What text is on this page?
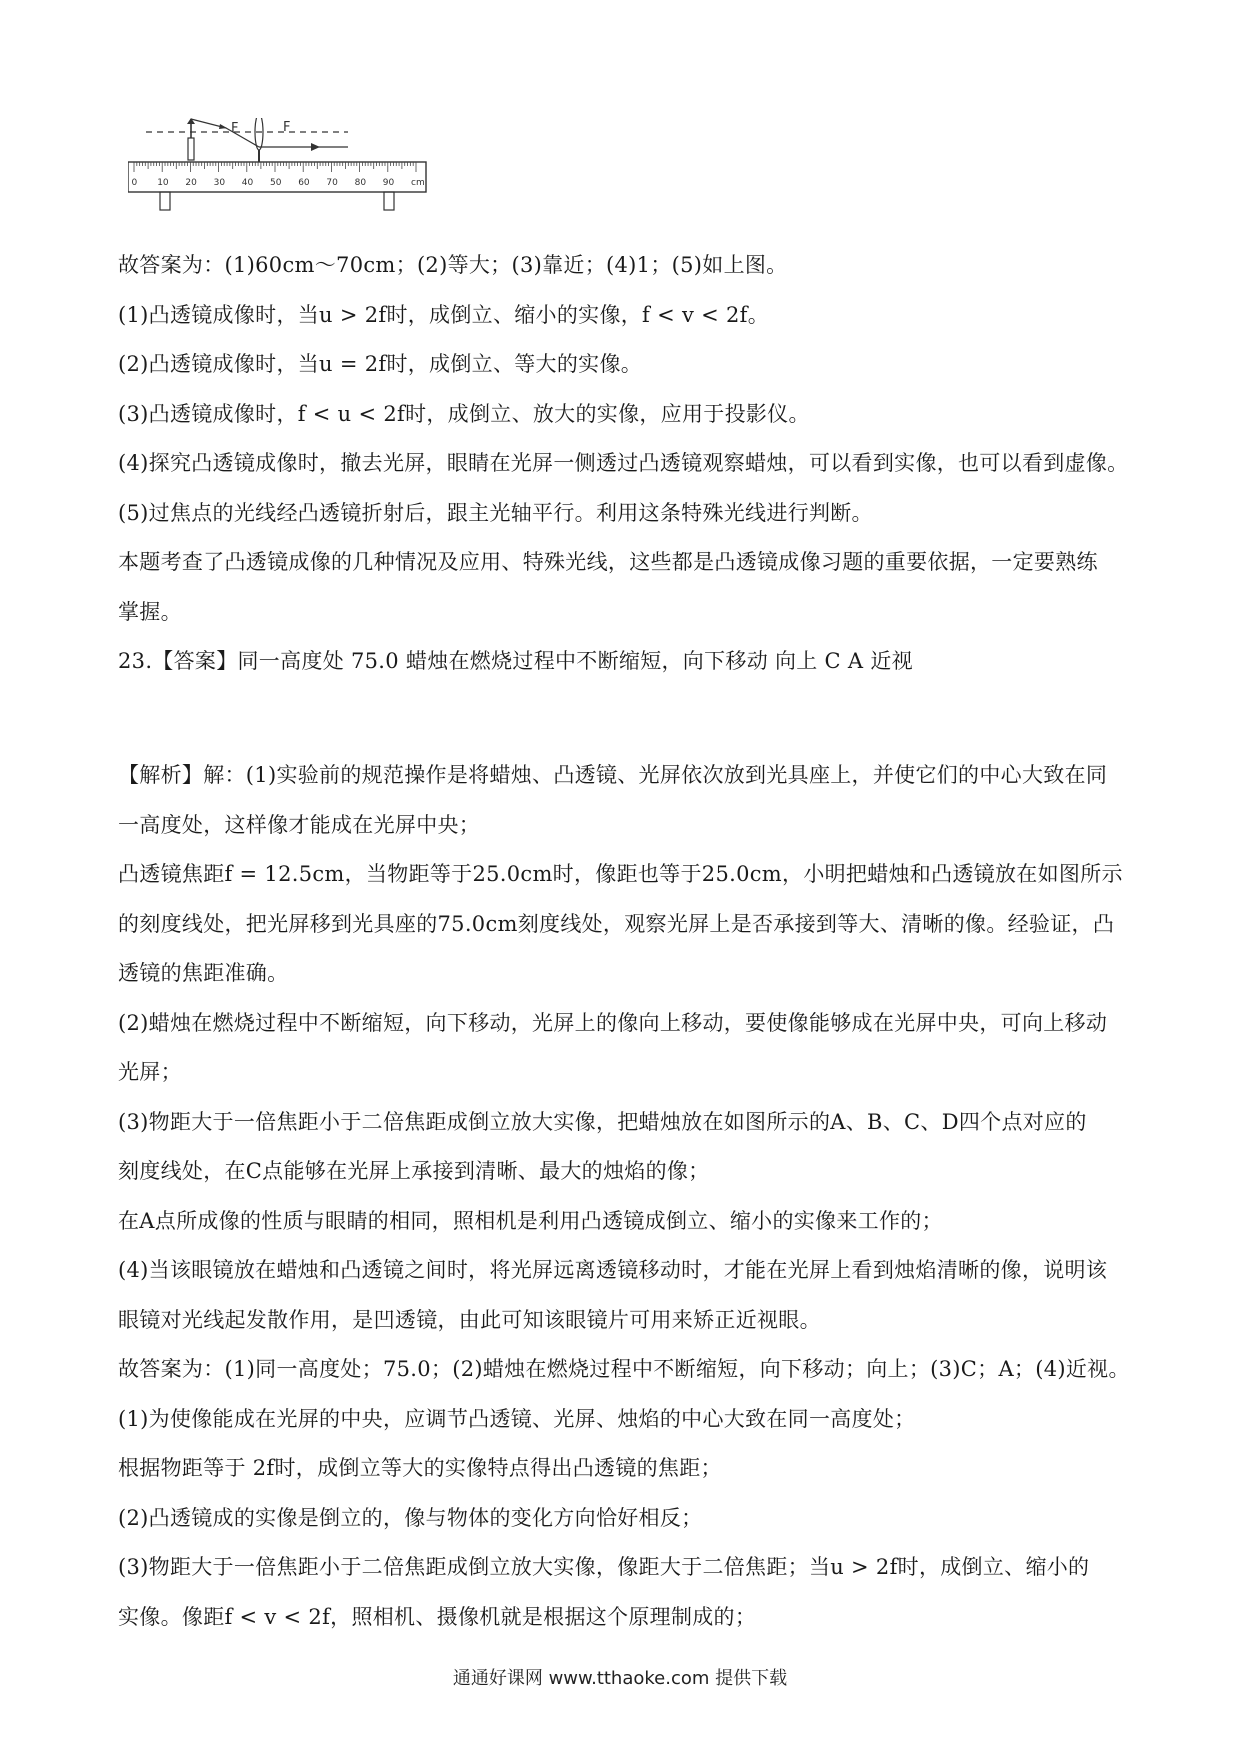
F	F
0 10 20 30 40 50 60 70 80 90 cm
故答案为：(1)60cm～70cm；(2)等大；(3)靠近；(4)1；(5)如上图。
(1)凸透镜成像时，当u > 2f时，成倒立、缩小的实像，f < v < 2f。
(2)凸透镜成像时，当u = 2f时，成倒立、等大的实像。
(3)凸透镜成像时，f < u < 2f时，成倒立、放大的实像，应用于投影仪。
(4)探究凸透镜成像时，撤去光屏，眼睛在光屏一侧透过凸透镜观察蜡烛，可以看到实像，也可以看到虚像。
(5)过焦点的光线经凸透镜折射后，跟主光轴平行。利用这条特殊光线进行判断。
本题考查了凸透镜成像的几种情况及应用、特殊光线，这些都是凸透镜成像习题的重要依据，一定要熟练
掌握。
23.【答案】同一高度处 75.0 蜡烛在燃烧过程中不断缩短，向下移动 向上 C A 近视
【解析】解：(1)实验前的规范操作是将蜡烛、凸透镜、光屏依次放到光具座上，并使它们的中心大致在同
一高度处，这样像才能成在光屏中央；
凸透镜焦距f = 12.5cm，当物距等于25.0cm时，像距也等于25.0cm，小明把蜡烛和凸透镜放在如图所示
的刻度线处，把光屏移到光具座的75.0cm刻度线处，观察光屏上是否承接到等大、清晰的像。经验证，凸
透镜的焦距准确。
(2)蜡烛在燃烧过程中不断缩短，向下移动，光屏上的像向上移动，要使像能够成在光屏中央，可向上移动
光屏；
(3)物距大于一倍焦距小于二倍焦距成倒立放大实像，把蜡烛放在如图所示的A、B、C、D四个点对应的
刻度线处，在C点能够在光屏上承接到清晰、最大的烛焰的像；
在A点所成像的性质与眼睛的相同，照相机是利用凸透镜成倒立、缩小的实像来工作的；
(4)当该眼镜放在蜡烛和凸透镜之间时，将光屏远离透镜移动时，才能在光屏上看到烛焰清晰的像，说明该
眼镜对光线起发散作用，是凹透镜，由此可知该眼镜片可用来矫正近视眼。
故答案为：(1)同一高度处；75.0；(2)蜡烛在燃烧过程中不断缩短，向下移动；向上；(3)C；A；(4)近视。
(1)为使像能成在光屏的中央，应调节凸透镜、光屏、烛焰的中心大致在同一高度处；
根据物距等于 2f时，成倒立等大的实像特点得出凸透镜的焦距；
(2)凸透镜成的实像是倒立的，像与物体的变化方向恰好相反；
(3)物距大于一倍焦距小于二倍焦距成倒立放大实像，像距大于二倍焦距；当u > 2f时，成倒立、缩小的
实像。像距f < v < 2f，照相机、摄像机就是根据这个原理制成的；
通通好课网 www.tthaoke.com 提供下载
